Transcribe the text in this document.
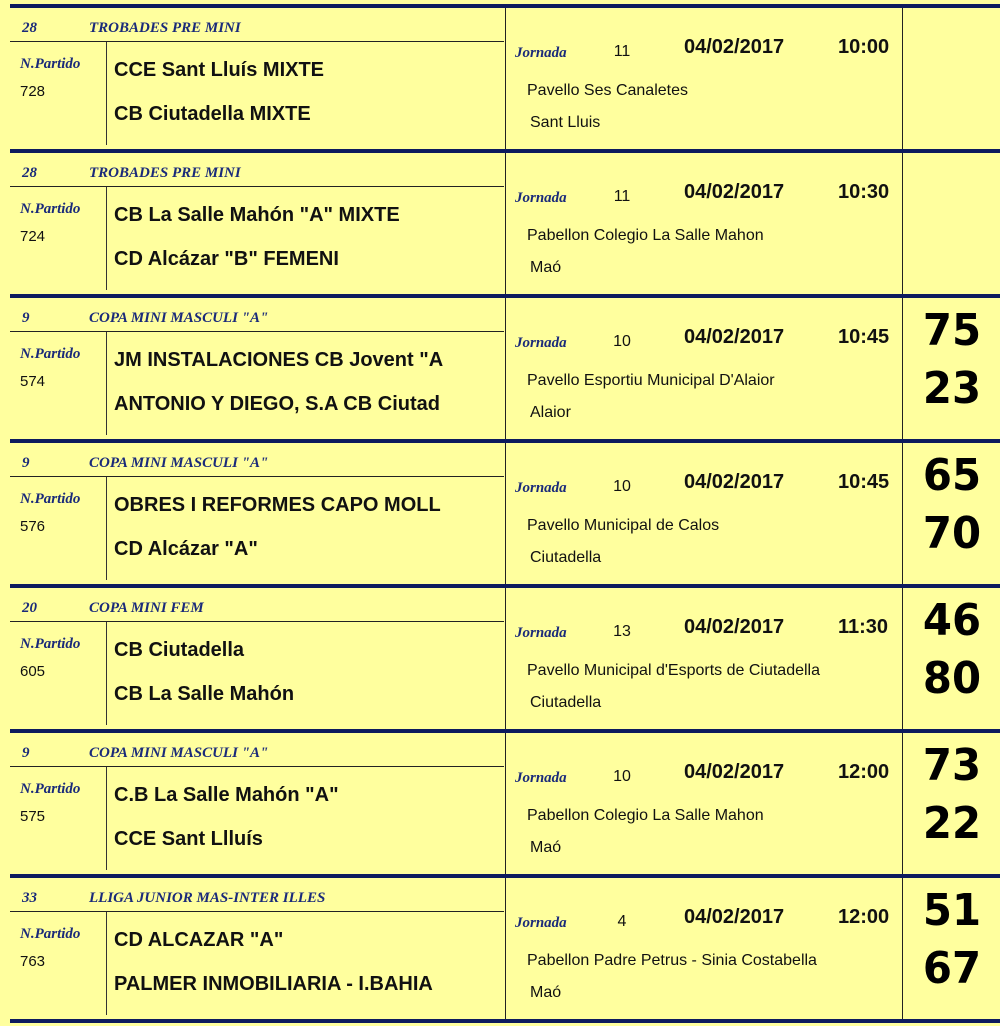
28	TROBADES PRE MINI
N.Partido
728
CCE Sant Lluís MIXTE
CB Ciutadella MIXTE
Jornada	11	04/02/2017	10:00
Pavello Ses Canaletes
Sant Lluis
28	TROBADES PRE MINI
N.Partido
724
CB La Salle Mahón "A" MIXTE
CD Alcázar "B" FEMENI
Jornada	11	04/02/2017	10:30
Pabellon Colegio La Salle Mahon
Maó
9	COPA MINI MASCULI "A"
N.Partido
574
JM INSTALACIONES CB Jovent "A
ANTONIO Y DIEGO, S.A CB Ciutad
Jornada	10	04/02/2017	10:45
Pavello Esportiu Municipal D'Alaior
Alaior
75
23
9	COPA MINI MASCULI "A"
N.Partido
576
OBRES I REFORMES CAPO MOLL
CD Alcázar "A"
Jornada	10	04/02/2017	10:45
Pavello Municipal de Calos
Ciutadella
65
70
20	COPA MINI FEM
N.Partido
605
CB Ciutadella
CB La Salle Mahón
Jornada	13	04/02/2017	11:30
Pavello Municipal d'Esports de Ciutadella
Ciutadella
46
80
9	COPA MINI MASCULI "A"
N.Partido
575
C.B La Salle Mahón "A"
CCE Sant Llluís
Jornada	10	04/02/2017	12:00
Pabellon Colegio La Salle Mahon
Maó
73
22
33	LLIGA JUNIOR MAS-INTER ILLES
N.Partido
763
CD ALCAZAR "A"
PALMER INMOBILIARIA - I.BAHIA
Jornada	4	04/02/2017	12:00
Pabellon Padre Petrus - Sinia Costabella
Maó
51
67
